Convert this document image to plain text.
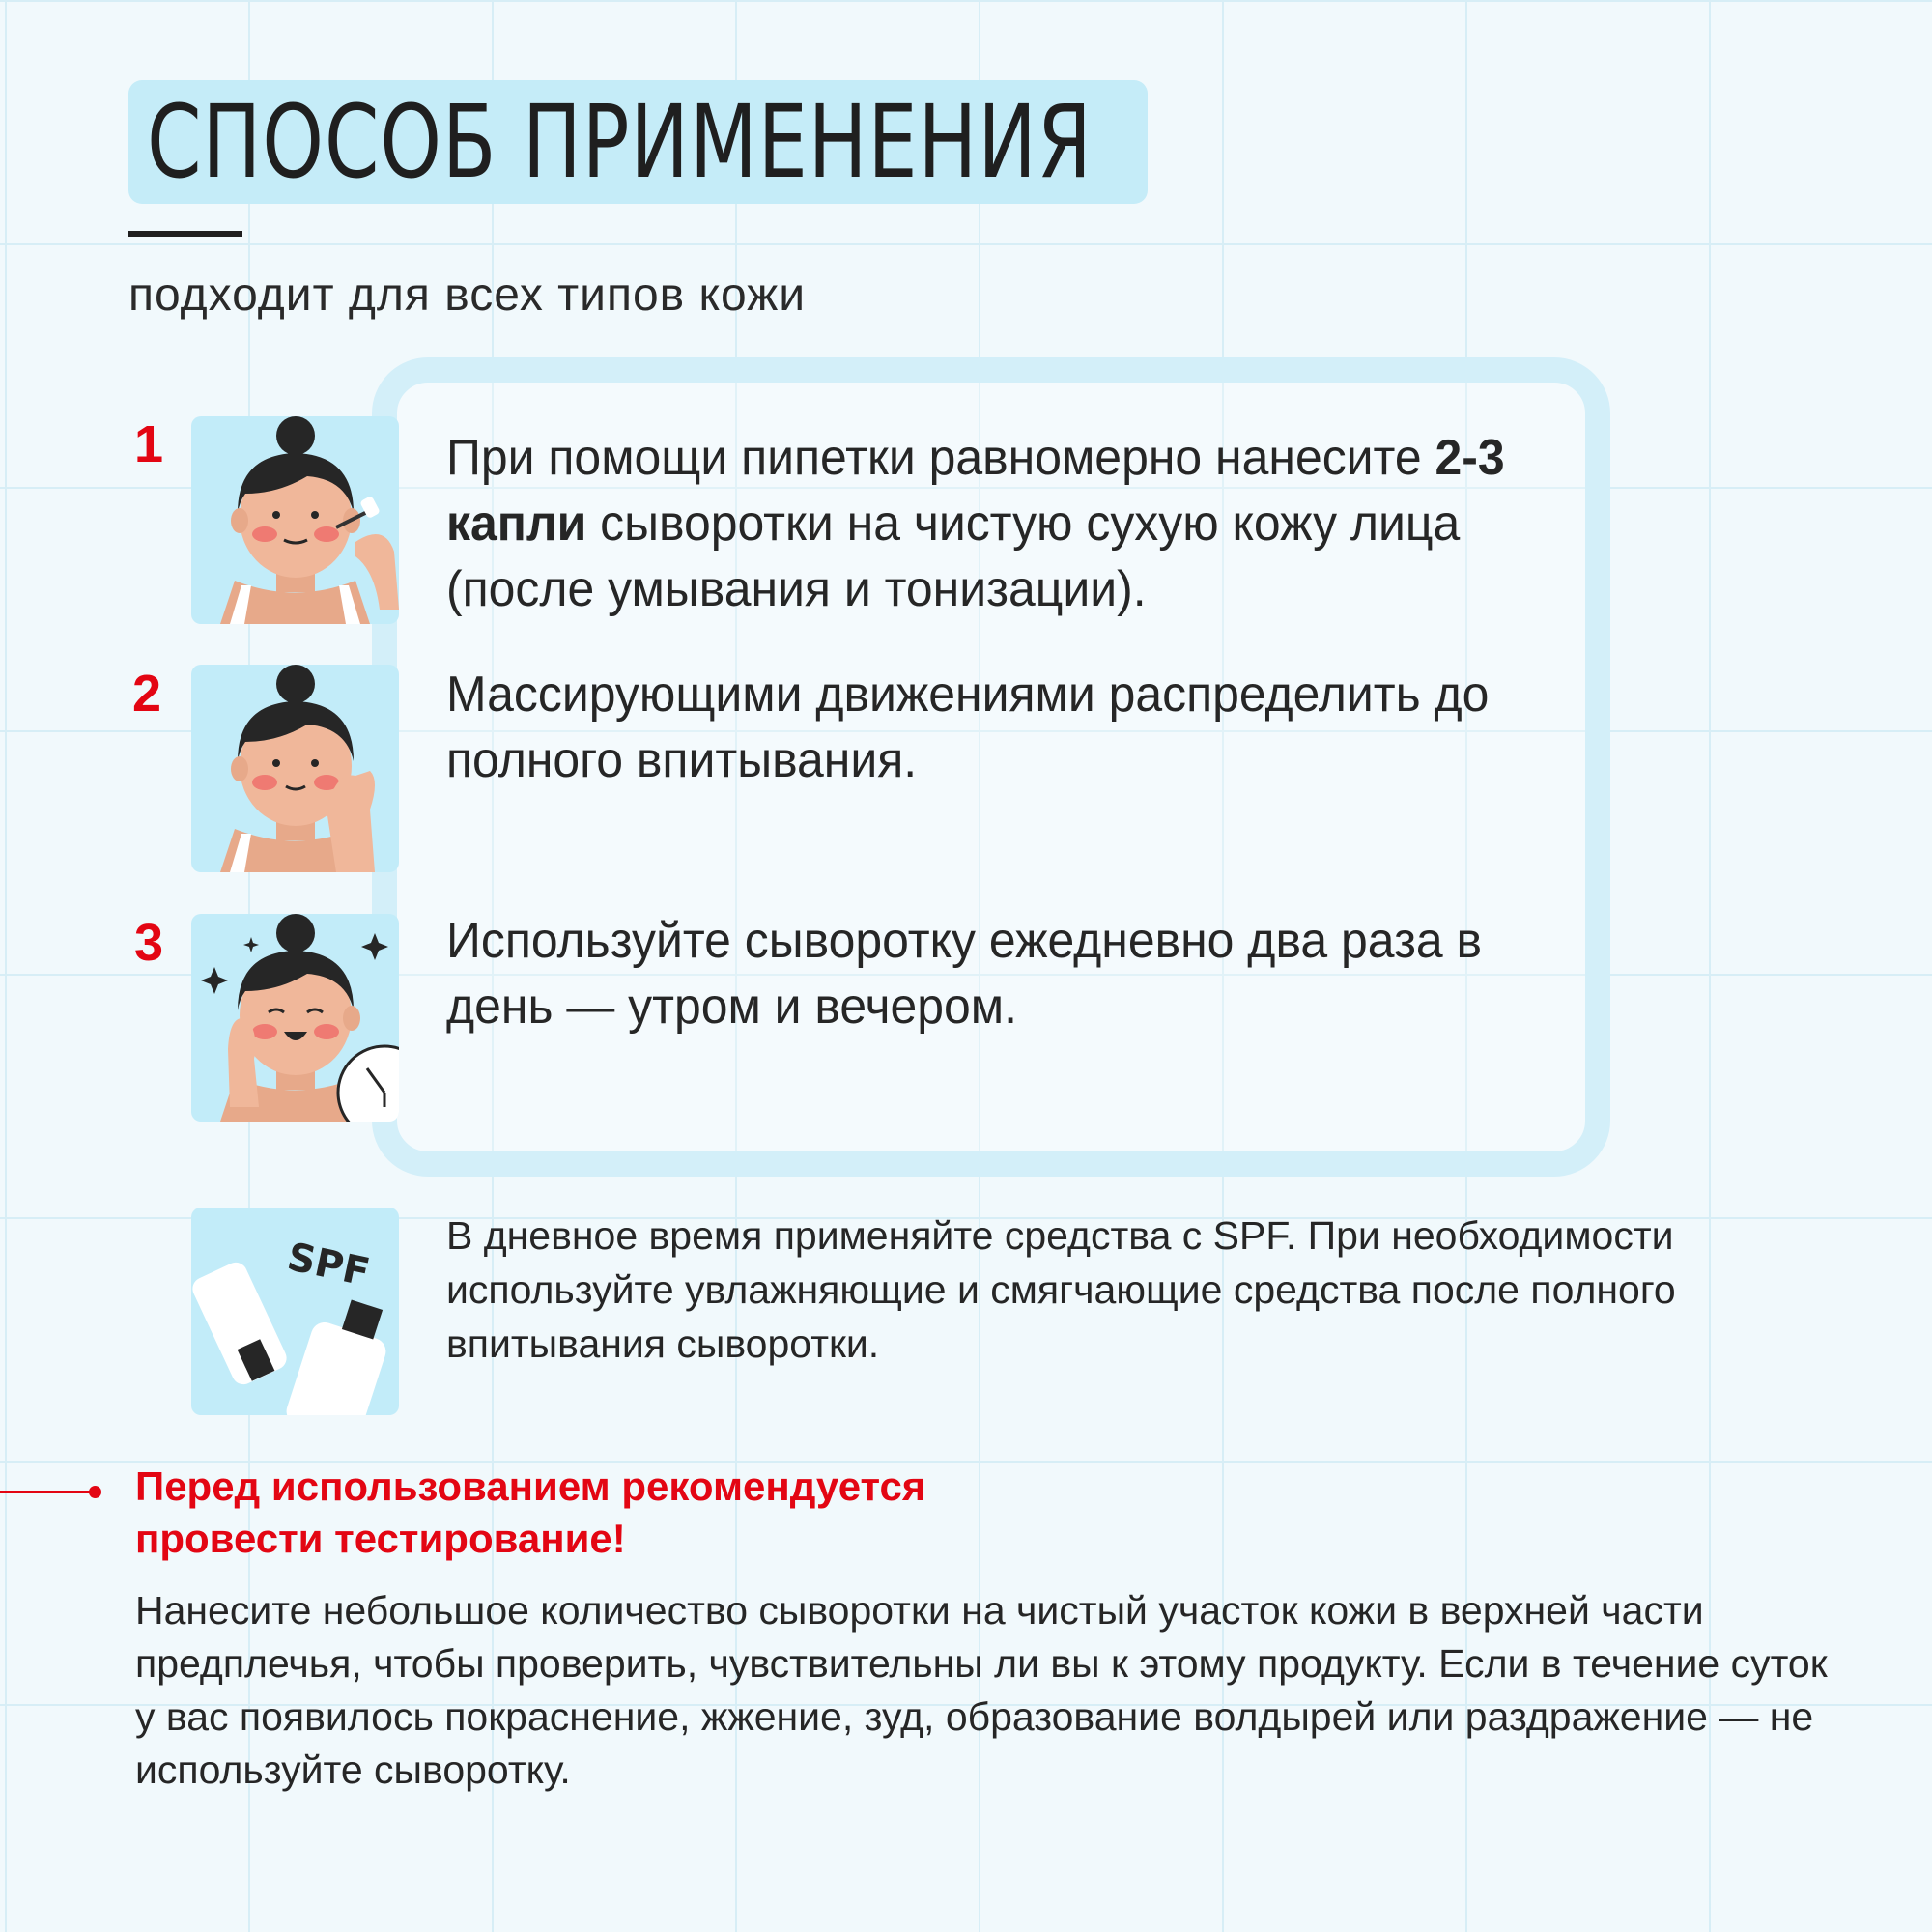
СПОСОБ ПРИМЕНЕНИЯ
подходит для всех типов кожи
1	При помощи пипетки равномерно нанесите 2-3 капли сыворотки на чистую сухую кожу лица (после умывания и тонизации).
2	Массирующими движениями распределить до полного впитывания.
3	Используйте сыворотку ежедневно два раза в день — утром и вечером.
SPF В дневное время применяйте средства с SPF. При необходимости используйте увлажняющие и смягчающие средства после полного впитывания сыворотки.
Перед использованием рекомендуется провести тестирование!
Нанесите небольшое количество сыворотки на чистый участок кожи в верхней части предплечья, чтобы проверить, чувствительны ли вы к этому продукту. Если в течение суток у вас появилось покраснение, жжение, зуд, образование волдырей или раздражение — не используйте сыворотку.
